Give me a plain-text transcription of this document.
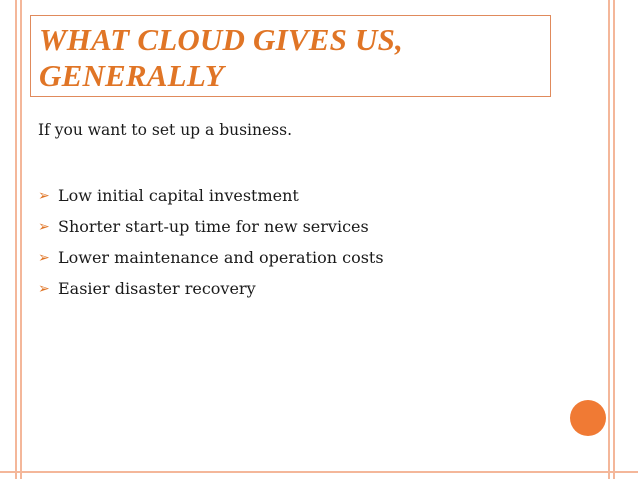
WHAT CLOUD GIVES US,
GENERALLY

If you want to set up a business.

➢ Low initial capital investment
➢ Shorter start-up time for new services
➢ Lower maintenance and operation costs
➢ Easier disaster recovery
